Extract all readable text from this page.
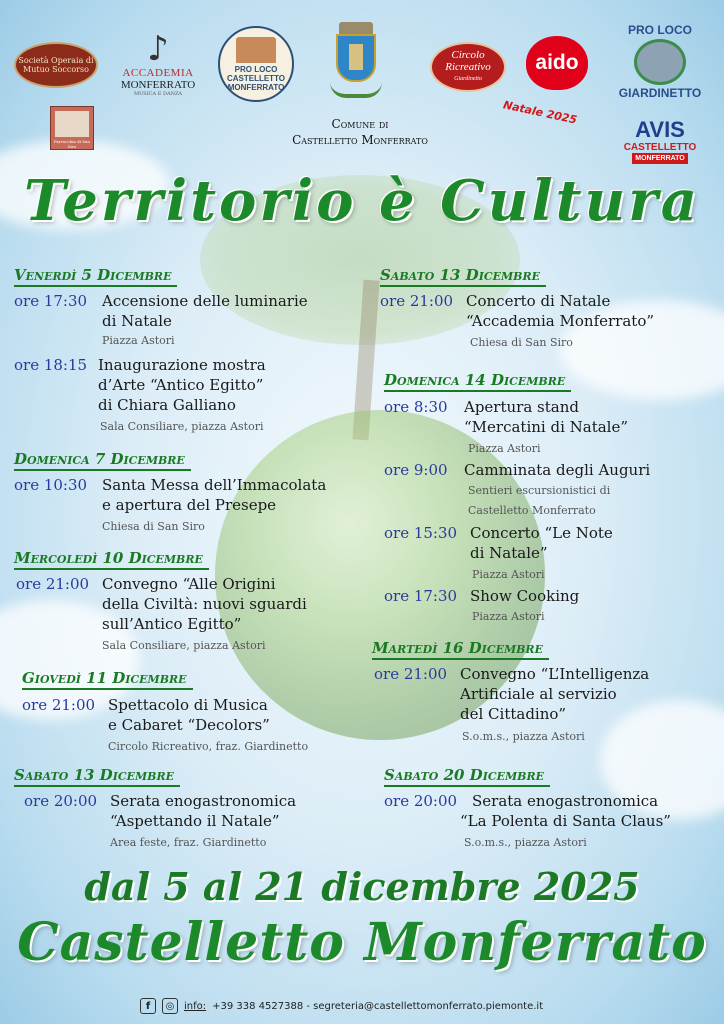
Società Operaia di Mutuo Soccorso
♪
ACCADEMIA
MONFERRATO
MUSICA E DANZA
PRO LOCO CASTELLETTO MONFERRATO
Comune di
Castelletto Monferrato
Circolo
Ricreativo
Giardinetto
aido
PRO LOCO
GIARDINETTO
Parrocchia di San Siro
Natale 2025
AVIS
CASTELLETTO
MONFERRATO
Territorio è Cultura
Venerdì 5 Dicembre
ore 17:30 Accensione delle luminarie
di Natale
Piazza Astori
ore 18:15 Inaugurazione mostra
d’Arte “Antico Egitto”
di Chiara Galliano
Sala Consiliare, piazza Astori
Domenica 7 Dicembre
ore 10:30 Santa Messa dell’Immacolata
e apertura del Presepe
Chiesa di San Siro
Mercoledì 10 Dicembre
ore 21:00 Convegno “Alle Origini
della Civiltà: nuovi sguardi
sull’Antico Egitto”
Sala Consiliare, piazza Astori
Giovedì 11 Dicembre
ore 21:00 Spettacolo di Musica
e Cabaret “Decolors”
Circolo Ricreativo, fraz. Giardinetto
Sabato 13 Dicembre
ore 20:00 Serata enogastronomica
“Aspettando il Natale”
Area feste, fraz. Giardinetto
Sabato 13 Dicembre
ore 21:00 Concerto di Natale
“Accademia Monferrato”
Chiesa di San Siro
Domenica 14 Dicembre
ore 8:30 Apertura stand
“Mercatini di Natale”
Piazza Astori
ore 9:00 Camminata degli Auguri
Sentieri escursionistici di
Castelletto Monferrato
ore 15:30 Concerto “Le Note
di Natale”
Piazza Astori
ore 17:30 Show Cooking
Piazza Astori
Martedì 16 Dicembre
ore 21:00 Convegno “L’Intelligenza
Artificiale al servizio
del Cittadino”
S.o.m.s., piazza Astori
Sabato 20 Dicembre
ore 20:00 Serata enogastronomica
“La Polenta di Santa Claus”
S.o.m.s., piazza Astori
dal 5 al 21 dicembre 2025
Castelletto Monferrato
f	◎ info: +39 338 4527388 - segreteria@castellettomonferrato.piemonte.it
